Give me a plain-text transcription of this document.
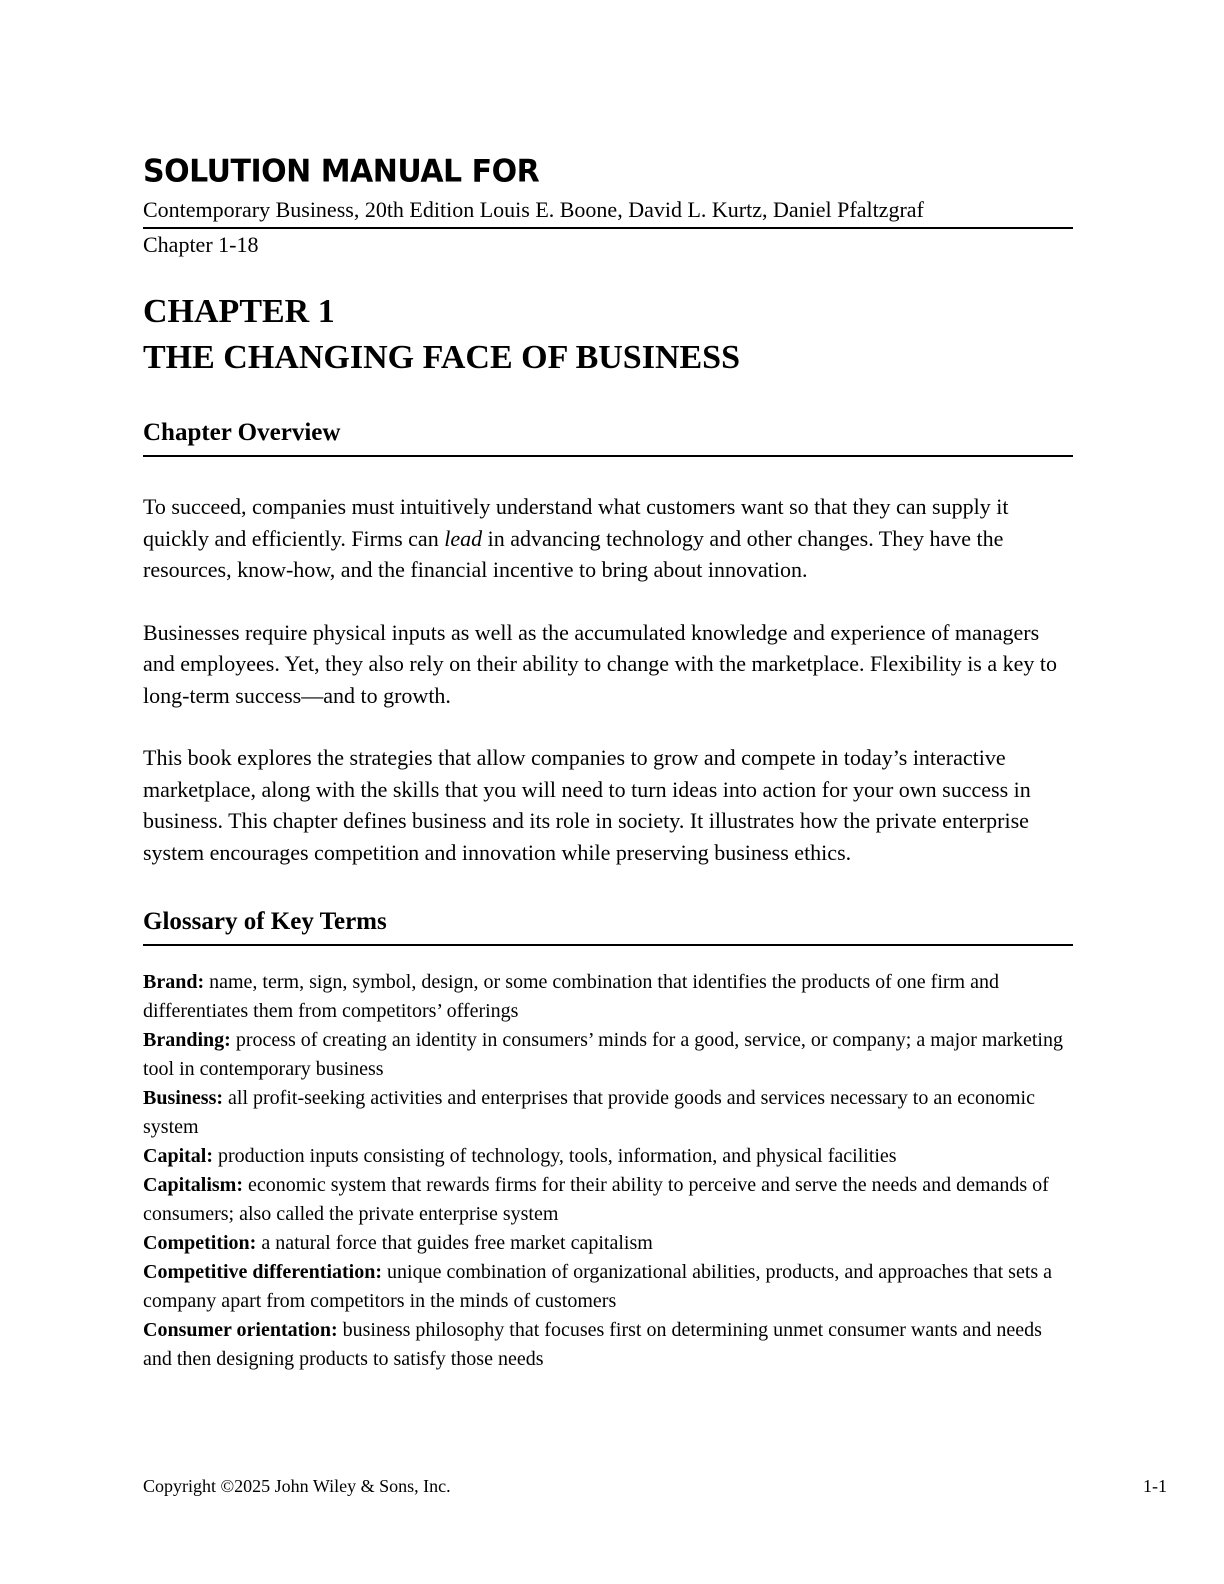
SOLUTION MANUAL FOR
Contemporary Business, 20th Edition Louis E. Boone, David L. Kurtz, Daniel Pfaltzgraf
Chapter 1-18
CHAPTER 1
THE CHANGING FACE OF BUSINESS
Chapter Overview

To succeed, companies must intuitively understand what customers want so that they can supply it quickly and efficiently. Firms can lead in advancing technology and other changes. They have the resources, know-how, and the financial incentive to bring about innovation.

Businesses require physical inputs as well as the accumulated knowledge and experience of managers and employees. Yet, they also rely on their ability to change with the marketplace. Flexibility is a key to long-term success—and to growth.

This book explores the strategies that allow companies to grow and compete in today’s interactive marketplace, along with the skills that you will need to turn ideas into action for your own success in business. This chapter defines business and its role in society. It illustrates how the private enterprise system encourages competition and innovation while preserving business ethics.

Glossary of Key Terms

Brand: name, term, sign, symbol, design, or some combination that identifies the products of one firm and differentiates them from competitors’ offerings

Branding: process of creating an identity in consumers’ minds for a good, service, or company; a major marketing tool in contemporary business

Business: all profit-seeking activities and enterprises that provide goods and services necessary to an economic system

Capital: production inputs consisting of technology, tools, information, and physical facilities

Capitalism: economic system that rewards firms for their ability to perceive and serve the needs and demands of consumers; also called the private enterprise system

Competition: a natural force that guides free market capitalism

Competitive differentiation: unique combination of organizational abilities, products, and approaches that sets a company apart from competitors in the minds of customers

Consumer orientation: business philosophy that focuses first on determining unmet consumer wants and needs and then designing products to satisfy those needs

Copyright ©2025 John Wiley & Sons, Inc.	1-1
